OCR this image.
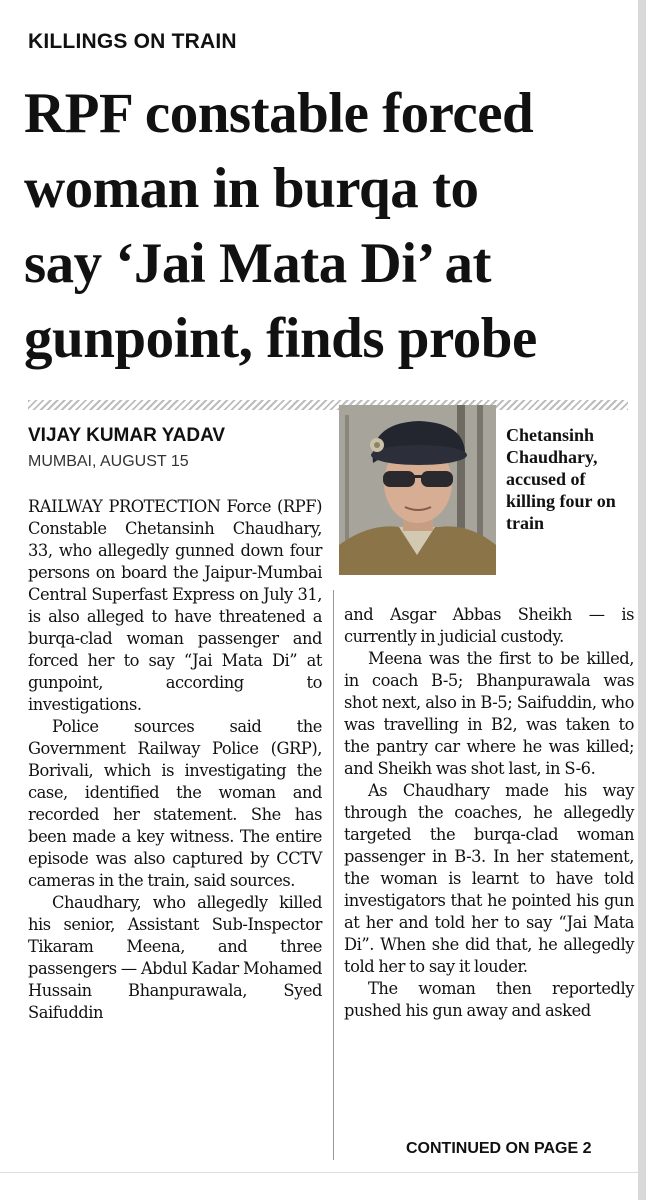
KILLINGS ON TRAIN
RPF constable forced
woman in burqa to
say ‘Jai Mata Di’ at
gunpoint, finds probe
VIJAY KUMAR YADAV
MUMBAI, AUGUST 15
Chetansinh Chaudhary, accused of killing four on train

RAILWAY PROTECTION Force (RPF) Constable Chetansinh Chaudhary, 33, who allegedly gunned down four persons on board the Jaipur-Mumbai Central Superfast Express on July 31, is also alleged to have threatened a burqa-clad woman passenger and forced her to say “Jai Mata Di” at gunpoint, according to investigations.

Police sources said the Government Railway Police (GRP), Borivali, which is investigating the case, identified the woman and recorded her statement. She has been made a key witness. The entire episode was also captured by CCTV cameras in the train, said sources.

Chaudhary, who allegedly killed his senior, Assistant Sub-Inspector Tikaram Meena, and three passengers — Abdul Kadar Mohamed Hussain Bhanpurawala, Syed Saifuddin

and Asgar Abbas Sheikh — is currently in judicial custody.

Meena was the first to be killed, in coach B-5; Bhanpurawala was shot next, also in B-5; Saifuddin, who was travelling in B2, was taken to the pantry car where he was killed; and Sheikh was shot last, in S-6.

As Chaudhary made his way through the coaches, he allegedly targeted the burqa-clad woman passenger in B-3. In her statement, the woman is learnt to have told investigators that he pointed his gun at her and told her to say “Jai Mata Di”. When she did that, he allegedly told her to say it louder.

The woman then reportedly pushed his gun away and asked

CONTINUED ON PAGE 2
